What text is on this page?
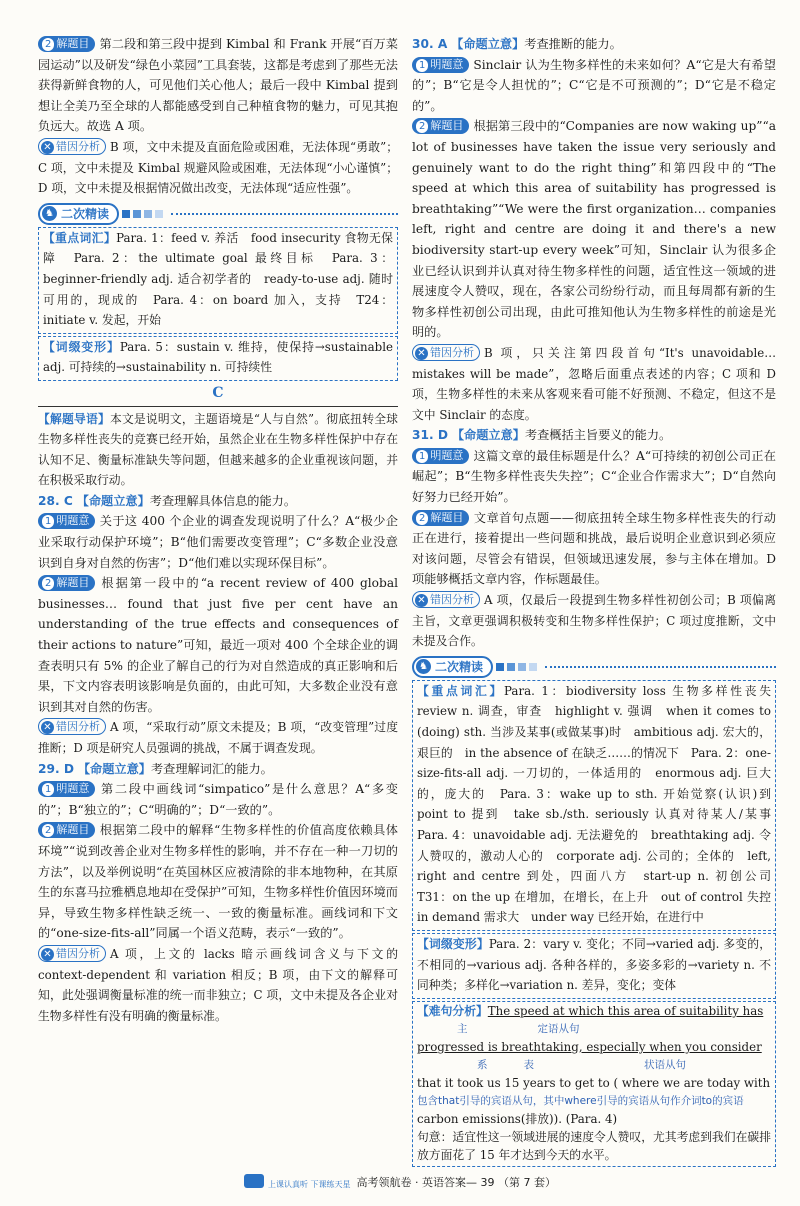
2 解题目 第二段和第三段中提到 Kimbal 和 Frank 开展“百万菜园运动”以及研发“绿色小菜园”工具套装，这都是考虑到了那些无法获得新鲜食物的人，可见他们关心他人；最后一段中 Kimbal 提到想让全美乃至全球的人都能感受到自己种植食物的魅力，可见其抱负远大。故选 A 项。

✕ 错因分析 B 项，文中未提及直面危险或困难，无法体现“勇敢”；C 项，文中未提及 Kimbal 规避风险或困难，无法体现“小心谨慎”；D 项，文中未提及根据情况做出改变，无法体现“适应性强”。

♞ 二次精读
【重点词汇】Para. 1：feed v. 养活　food insecurity 食物无保障　Para. 2：the ultimate goal 最终目标　Para. 3：beginner-friendly adj. 适合初学者的　ready-to-use adj. 随时可用的，现成的　Para. 4：on board 加入，支持　T24：initiate v. 发起，开始
【词缀变形】Para. 5：sustain v. 维持，使保持→sustainable adj. 可持续的→sustainability n. 可持续性
C

【解题导语】本文是说明文，主题语境是“人与自然”。彻底扭转全球生物多样性丧失的竞赛已经开始，虽然企业在生物多样性保护中存在认知不足、衡量标准缺失等问题，但越来越多的企业重视该问题，并在积极采取行动。

28. C 【命题立意】考查理解具体信息的能力。

1 明题意 关于这 400 个企业的调查发现说明了什么？A“极少企业采取行动保护环境”；B“他们需要改变管理”；C“多数企业没意识到自身对自然的伤害”；D“他们难以实现环保目标”。

2 解题目 根据第一段中的“a recent review of 400 global businesses… found that just five per cent have an understanding of the true effects and consequences of their actions to nature”可知，最近一项对 400 个全球企业的调查表明只有 5% 的企业了解自己的行为对自然造成的真正影响和后果，下文内容表明该影响是负面的，由此可知，大多数企业没有意识到其对自然的伤害。

✕ 错因分析 A 项，“采取行动”原文未提及；B 项，“改变管理”过度推断；D 项是研究人员强调的挑战，不属于调查发现。

29. D 【命题立意】考查理解词汇的能力。

1 明题意 第二段中画线词“simpatico”是什么意思？A“多变的”；B“独立的”；C“明确的”；D“一致的”。

2 解题目 根据第二段中的解释“生物多样性的价值高度依赖具体环境”“说到改善企业对生物多样性的影响，并不存在一种一刀切的方法”，以及举例说明“在英国林区应被清除的非本地物种，在其原生的东喜马拉雅栖息地却在受保护”可知，生物多样性价值因环境而异，导致生物多样性缺乏统一、一致的衡量标准。画线词和下文的“one-size-fits-all”同属一个语义范畴，表示“一致的”。

✕ 错因分析 A 项，上文的 lacks 暗示画线词含义与下文的 context-dependent 和 variation 相反；B 项，由下文的解释可知，此处强调衡量标准的统一而非独立；C 项，文中未提及各企业对生物多样性有没有明确的衡量标准。

30. A 【命题立意】考查推断的能力。

1 明题意 Sinclair 认为生物多样性的未来如何？A“它是大有希望的”；B“它是令人担忧的”；C“它是不可预测的”；D“它是不稳定的”。

2 解题目 根据第三段中的“Companies are now waking up”“a lot of businesses have taken the issue very seriously and genuinely want to do the right thing”和第四段中的“The speed at which this area of suitability has progressed is breathtaking”“We were the first organization… companies left, right and centre are doing it and there's a new biodiversity start-up every week”可知，Sinclair 认为很多企业已经认识到并认真对待生物多样性的问题，适宜性这一领域的进展速度令人赞叹，现在，各家公司纷纷行动，而且每周都有新的生物多样性初创公司出现，由此可推知他认为生物多样性的前途是光明的。

✕ 错因分析 B 项，只关注第四段首句“It's unavoidable… mistakes will be made”，忽略后面重点表述的内容；C 项和 D 项，生物多样性的未来从客观来看可能不好预测、不稳定，但这不是文中 Sinclair 的态度。

31. D 【命题立意】考查概括主旨要义的能力。

1 明题意 这篇文章的最佳标题是什么？A“可持续的初创公司正在崛起”；B“生物多样性丧失失控”；C“企业合作需求大”；D“自然向好努力已经开始”。

2 解题目 文章首句点题——彻底扭转全球生物多样性丧失的行动正在进行，接着提出一些问题和挑战，最后说明企业意识到必须应对该问题，尽管会有错误，但领域迅速发展，参与主体在增加。D 项能够概括文章内容，作标题最佳。

✕ 错因分析 A 项，仅最后一段提到生物多样性初创公司；B 项偏离主旨，文章更强调积极转变和生物多样性保护；C 项过度推断，文中未提及合作。

♞ 二次精读
【重点词汇】Para. 1：biodiversity loss 生物多样性丧失　review n. 调查，审查　highlight v. 强调　when it comes to (doing) sth. 当涉及某事(或做某事)时　ambitious adj. 宏大的，艰巨的　in the absence of 在缺乏……的情况下　Para. 2：one-size-fits-all adj. 一刀切的，一体适用的　enormous adj. 巨大的，庞大的　Para. 3：wake up to sth. 开始觉察(认识)到　point to 提到　take sb./sth. seriously 认真对待某人/某事　Para. 4：unavoidable adj. 无法避免的　breathtaking adj. 令人赞叹的，激动人心的　corporate adj. 公司的；全体的　left, right and centre 到处，四面八方　start-up n. 初创公司　T31：on the up 在增加，在增长，在上升　out of control 失控　in demand 需求大　under way 已经开始，在进行中
【词缀变形】Para. 2：vary v. 变化；不同→varied adj. 多变的，不相同的→various adj. 各种各样的，多姿多彩的→variety n. 不同种类；多样化→variation n. 差异，变化；变体
【难句分析】The speed at which this area of suitability has
主	定语从句
progressed is breathtaking, especially when you consider
系	表	状语从句
that it took us 15 years to get to ( where we are today with
包含that引导的宾语从句，其中where引导的宾语从句作介词to的宾语
carbon emissions(排放)). (Para. 4)
句意：适宜性这一领域进展的速度令人赞叹，尤其考虑到我们在碳排放方面花了 15 年才达到今天的水平。
上课认真听 下课练天星 高考领航卷 · 英语答案— 39 （第 7 套）
